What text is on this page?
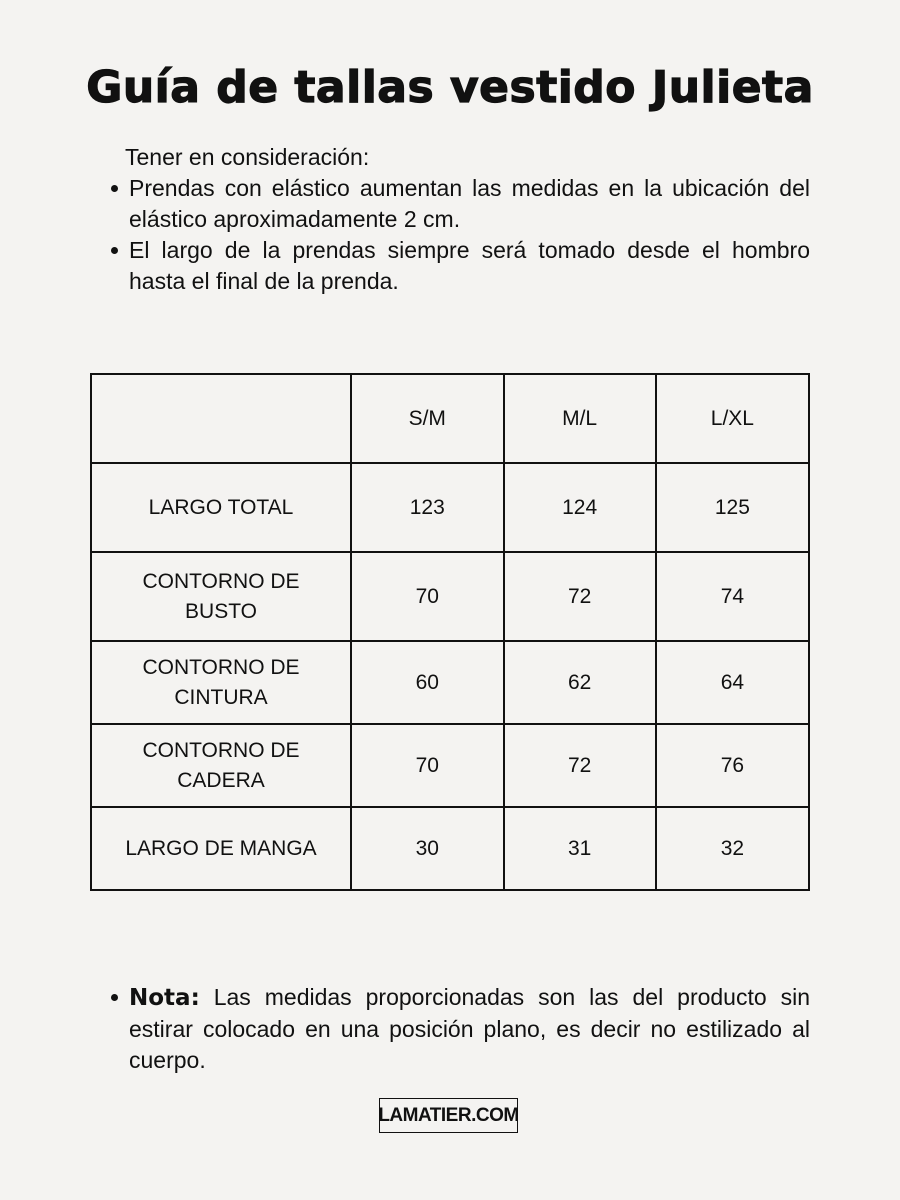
Guía de tallas vestido Julieta
Tener en consideración:
Prendas con elástico aumentan las medidas en la ubicación del elástico aproximadamente 2 cm.
El largo de la prendas siempre será tomado desde el hombro hasta el final de la prenda.
	S/M	M/L	L/XL
LARGO TOTAL	123	124	125
CONTORNO DE BUSTO	70	72	74
CONTORNO DE CINTURA	60	62	64
CONTORNO DE CADERA	70	72	76
LARGO DE MANGA	30	31	32
Nota: Las medidas proporcionadas son las del producto sin estirar colocado en una posición plano, es decir no estilizado al cuerpo.
LAMATIER.COM
